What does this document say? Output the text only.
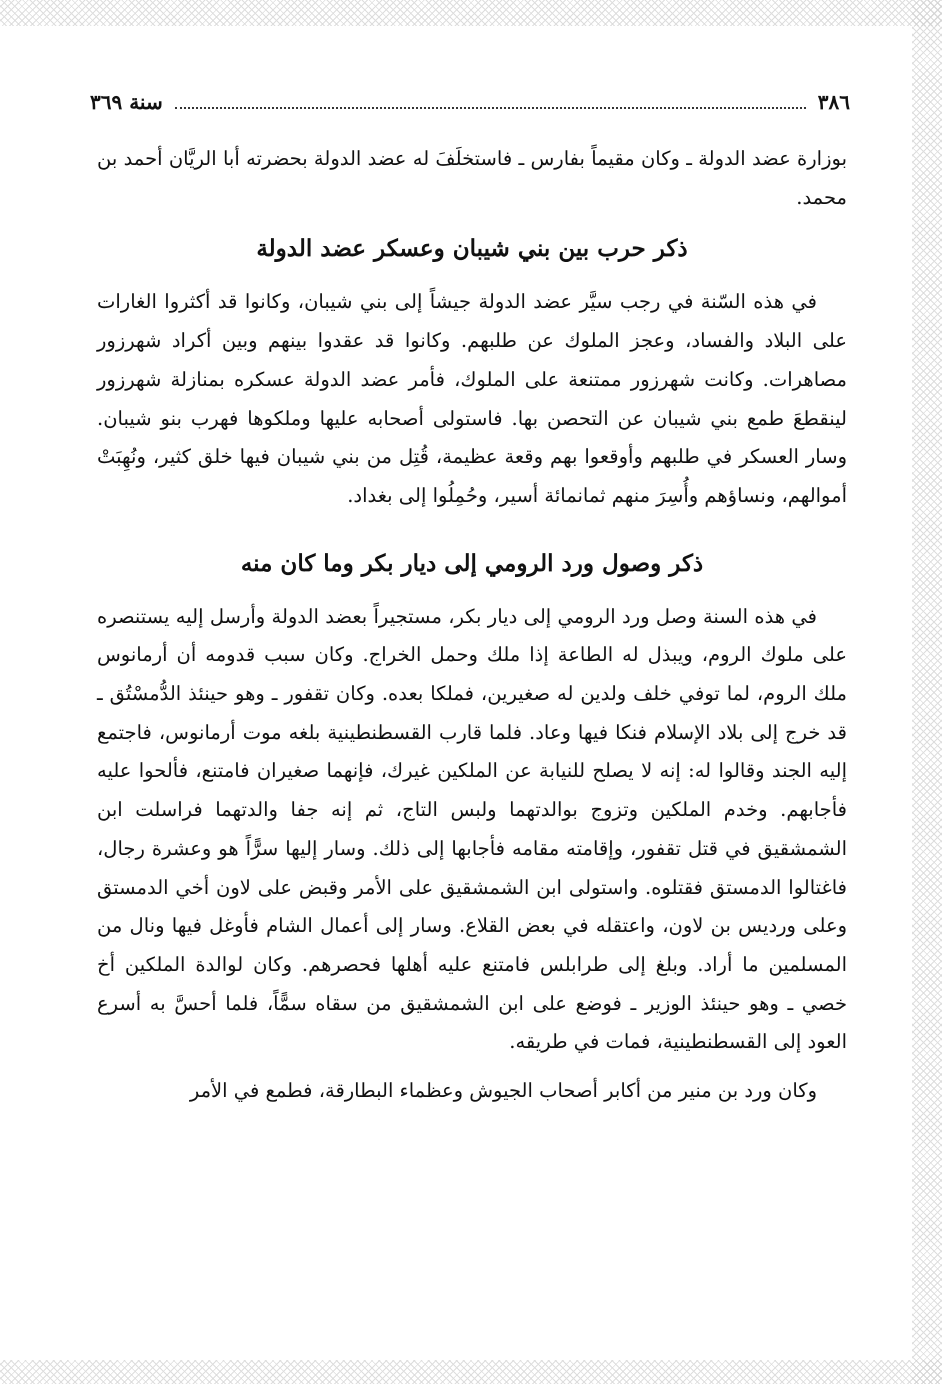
٣٨٦
سنة ٣٦٩

بوزارة عضد الدولة ـ وكان مقيماً بفارس ـ فاستخلَفَ له عضد الدولة بحضرته أبا الريَّان أحمد بن محمد.

ذكر حرب بين بني شيبان وعسكر عضد الدولة

في هذه السّنة في رجب سيَّر عضد الدولة جيشاً إلى بني شيبان، وكانوا قد أكثروا الغارات على البلاد والفساد، وعجز الملوك عن طلبهم. وكانوا قد عقدوا بينهم وبين أكراد شهرزور مصاهرات. وكانت شهرزور ممتنعة على الملوك، فأمر عضد الدولة عسكره بمنازلة شهرزور لينقطعَ طمع بني شيبان عن التحصن بها. فاستولى أصحابه عليها وملكوها فهرب بنو شيبان. وسار العسكر في طلبهم وأوقعوا بهم وقعة عظيمة، قُتِل من بني شيبان فيها خلق كثير، ونُهِبَتْ أموالهم، ونساؤهم وأُسِرَ منهم ثمانمائة أسير، وحُمِلُوا إلى بغداد.

ذكر وصول ورد الرومي إلى ديار بكر وما كان منه

في هذه السنة وصل ورد الرومي إلى ديار بكر، مستجيراً بعضد الدولة وأرسل إليه يستنصره على ملوك الروم، ويبذل له الطاعة إذا ملك وحمل الخراج. وكان سبب قدومه أن أرمانوس ملك الروم، لما توفي خلف ولدين له صغيرين، فملكا بعده. وكان تقفور ـ وهو حينئذ الدُّمسْتُق ـ قد خرج إلى بلاد الإسلام فنكا فيها وعاد. فلما قارب القسطنطينية بلغه موت أرمانوس، فاجتمع إليه الجند وقالوا له: إنه لا يصلح للنيابة عن الملكين غيرك، فإنهما صغيران فامتنع، فألحوا عليه فأجابهم. وخدم الملكين وتزوج بوالدتهما ولبس التاج، ثم إنه جفا والدتهما فراسلت ابن الشمشقيق في قتل تقفور، وإقامته مقامه فأجابها إلى ذلك. وسار إليها سرًّاً هو وعشرة رجال، فاغتالوا الدمستق فقتلوه. واستولى ابن الشمشقيق على الأمر وقبض على لاون أخي الدمستق وعلى ورديس بن لاون، واعتقله في بعض القلاع. وسار إلى أعمال الشام فأوغل فيها ونال من المسلمين ما أراد. وبلغ إلى طرابلس فامتنع عليه أهلها فحصرهم. وكان لوالدة الملكين أخ خصي ـ وهو حينئذ الوزير ـ فوضع على ابن الشمشقيق من سقاه سمًّاً، فلما أحسَّ به أسرع العود إلى القسطنطينية، فمات في طريقه.

وكان ورد بن منير من أكابر أصحاب الجيوش وعظماء البطارقة، فطمع في الأمر
